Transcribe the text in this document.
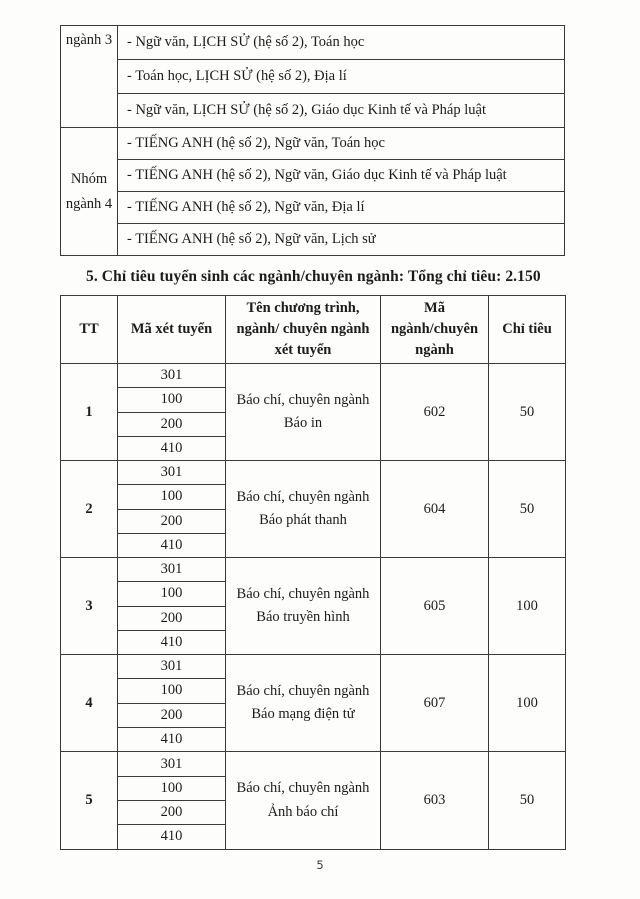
ngành 3	- Ngữ văn, LỊCH SỬ (hệ số 2), Toán học
	- Toán học, LỊCH SỬ (hệ số 2), Địa lí
	- Ngữ văn, LỊCH SỬ (hệ số 2), Giáo dục Kinh tế và Pháp luật
Nhóm ngành 4	- TIẾNG ANH (hệ số 2), Ngữ văn, Toán học
	- TIẾNG ANH (hệ số 2), Ngữ văn, Giáo dục Kinh tế và Pháp luật
	- TIẾNG ANH (hệ số 2), Ngữ văn, Địa lí
	- TIẾNG ANH (hệ số 2), Ngữ văn, Lịch sử
5. Chỉ tiêu tuyển sinh các ngành/chuyên ngành: Tổng chỉ tiêu: 2.150
TT	Mã xét tuyển	Tên chương trình, ngành/ chuyên ngành xét tuyển	Mã ngành/chuyên ngành	Chỉ tiêu
1	301
100
200
410	Báo chí, chuyên ngành Báo in	602	50
2	301
100
200
410	Báo chí, chuyên ngành Báo phát thanh	604	50
3	301
100
200
410	Báo chí, chuyên ngành Báo truyền hình	605	100
4	301
100
200
410	Báo chí, chuyên ngành Báo mạng điện tử	607	100
5	301
100
200
410	Báo chí, chuyên ngành Ảnh báo chí	603	50
5
